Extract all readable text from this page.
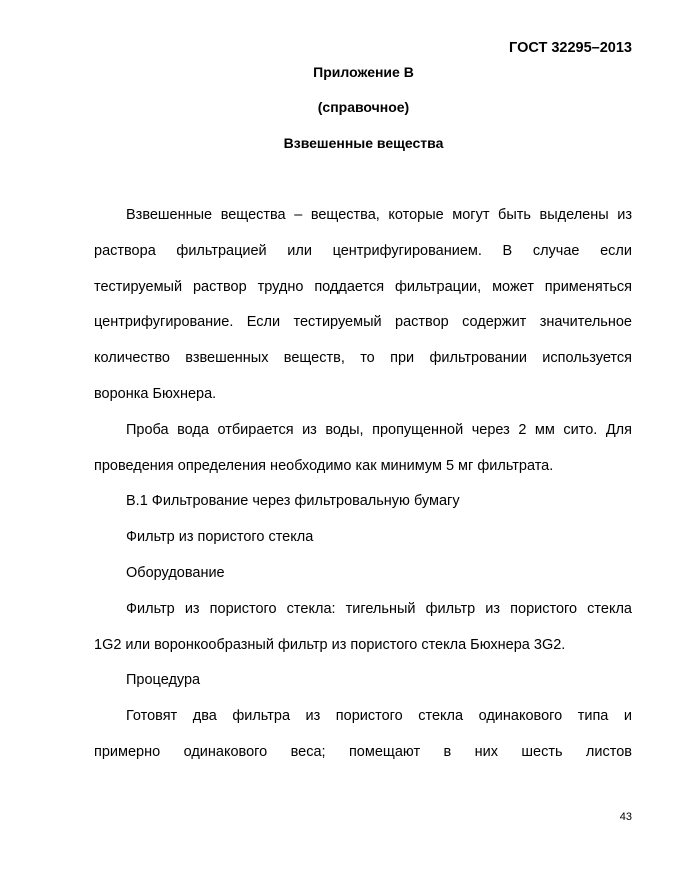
ГОСТ 32295–2013
Приложение В
(справочное)
Взвешенные вещества
Взвешенные вещества – вещества, которые могут быть выделены из
раствора фильтрацией или центрифугированием. В случае если
тестируемый раствор трудно поддается фильтрации, может применяться
центрифугирование. Если тестируемый раствор содержит значительное
количество взвешенных веществ, то при фильтровании используется
воронка Бюхнера.
Проба вода отбирается из воды, пропущенной через 2 мм сито. Для
проведения определения необходимо как минимум 5 мг фильтрата.
В.1 Фильтрование через фильтровальную бумагу
Фильтр из пористого стекла
Оборудование
Фильтр из пористого стекла: тигельный фильтр из пористого стекла
1G2 или воронкообразный фильтр из пористого стекла Бюхнера 3G2.
Процедура
Готовят два фильтра из пористого стекла одинакового типа и
примерно одинакового веса; помещают в них шесть листов
43
